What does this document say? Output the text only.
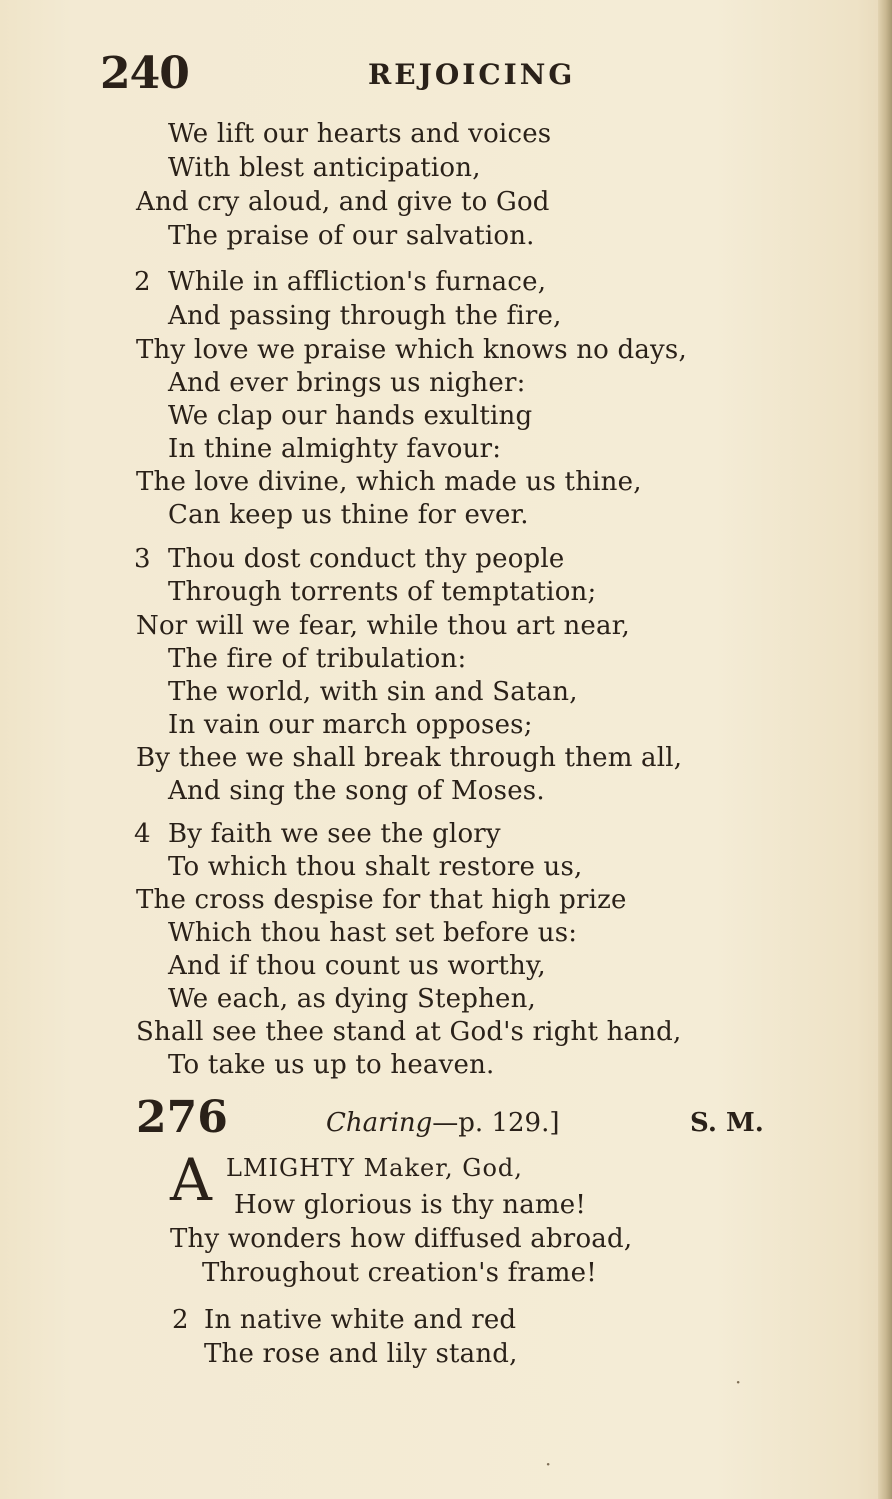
240	REJOICING
We lift our hearts and voices
With blest anticipation,
And cry aloud, and give to God
The praise of our salvation.
2 While in affliction's furnace,
And passing through the fire,
Thy love we praise which knows no days,
And ever brings us nigher:
We clap our hands exulting
In thine almighty favour:
The love divine, which made us thine,
Can keep us thine for ever.
3 Thou dost conduct thy people
Through torrents of temptation;
Nor will we fear, while thou art near,
The fire of tribulation:
The world, with sin and Satan,
In vain our march opposes;
By thee we shall break through them all,
And sing the song of Moses.
4 By faith we see the glory
To which thou shalt restore us,
The cross despise for that high prize
Which thou hast set before us:
And if thou count us worthy,
We each, as dying Stephen,
Shall see thee stand at God's right hand,
To take us up to heaven.
276	Charing—p. 129.]	S. M.
A LMIGHTY Maker, God,
How glorious is thy name!
Thy wonders how diffused abroad,
Throughout creation's frame!
2 In native white and red
The rose and lily stand,
·
·
